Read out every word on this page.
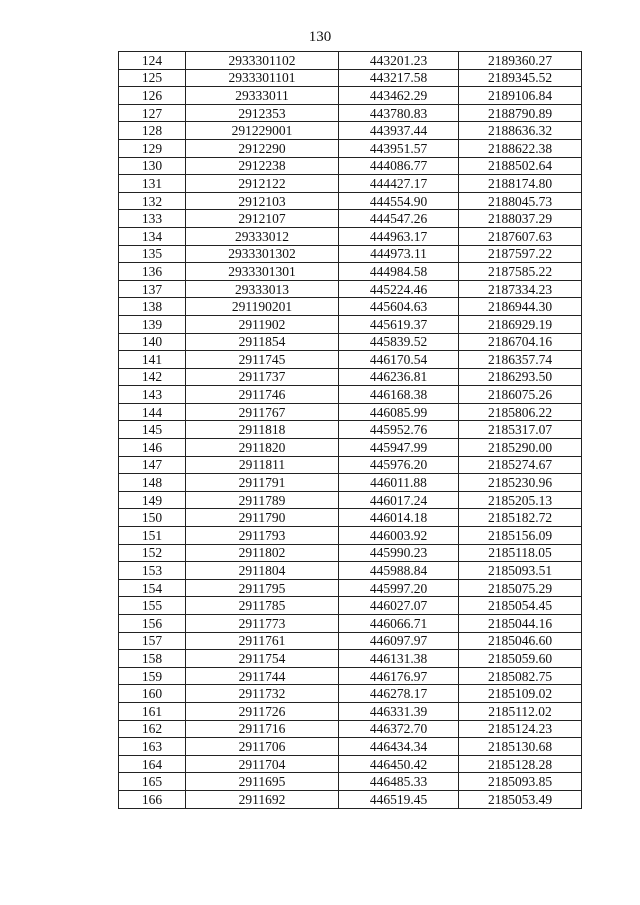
130
124	2933301102	443201.23	2189360.27
125	2933301101	443217.58	2189345.52
126	29333011	443462.29	2189106.84
127	2912353	443780.83	2188790.89
128	291229001	443937.44	2188636.32
129	2912290	443951.57	2188622.38
130	2912238	444086.77	2188502.64
131	2912122	444427.17	2188174.80
132	2912103	444554.90	2188045.73
133	2912107	444547.26	2188037.29
134	29333012	444963.17	2187607.63
135	2933301302	444973.11	2187597.22
136	2933301301	444984.58	2187585.22
137	29333013	445224.46	2187334.23
138	291190201	445604.63	2186944.30
139	2911902	445619.37	2186929.19
140	2911854	445839.52	2186704.16
141	2911745	446170.54	2186357.74
142	2911737	446236.81	2186293.50
143	2911746	446168.38	2186075.26
144	2911767	446085.99	2185806.22
145	2911818	445952.76	2185317.07
146	2911820	445947.99	2185290.00
147	2911811	445976.20	2185274.67
148	2911791	446011.88	2185230.96
149	2911789	446017.24	2185205.13
150	2911790	446014.18	2185182.72
151	2911793	446003.92	2185156.09
152	2911802	445990.23	2185118.05
153	2911804	445988.84	2185093.51
154	2911795	445997.20	2185075.29
155	2911785	446027.07	2185054.45
156	2911773	446066.71	2185044.16
157	2911761	446097.97	2185046.60
158	2911754	446131.38	2185059.60
159	2911744	446176.97	2185082.75
160	2911732	446278.17	2185109.02
161	2911726	446331.39	2185112.02
162	2911716	446372.70	2185124.23
163	2911706	446434.34	2185130.68
164	2911704	446450.42	2185128.28
165	2911695	446485.33	2185093.85
166	2911692	446519.45	2185053.49
